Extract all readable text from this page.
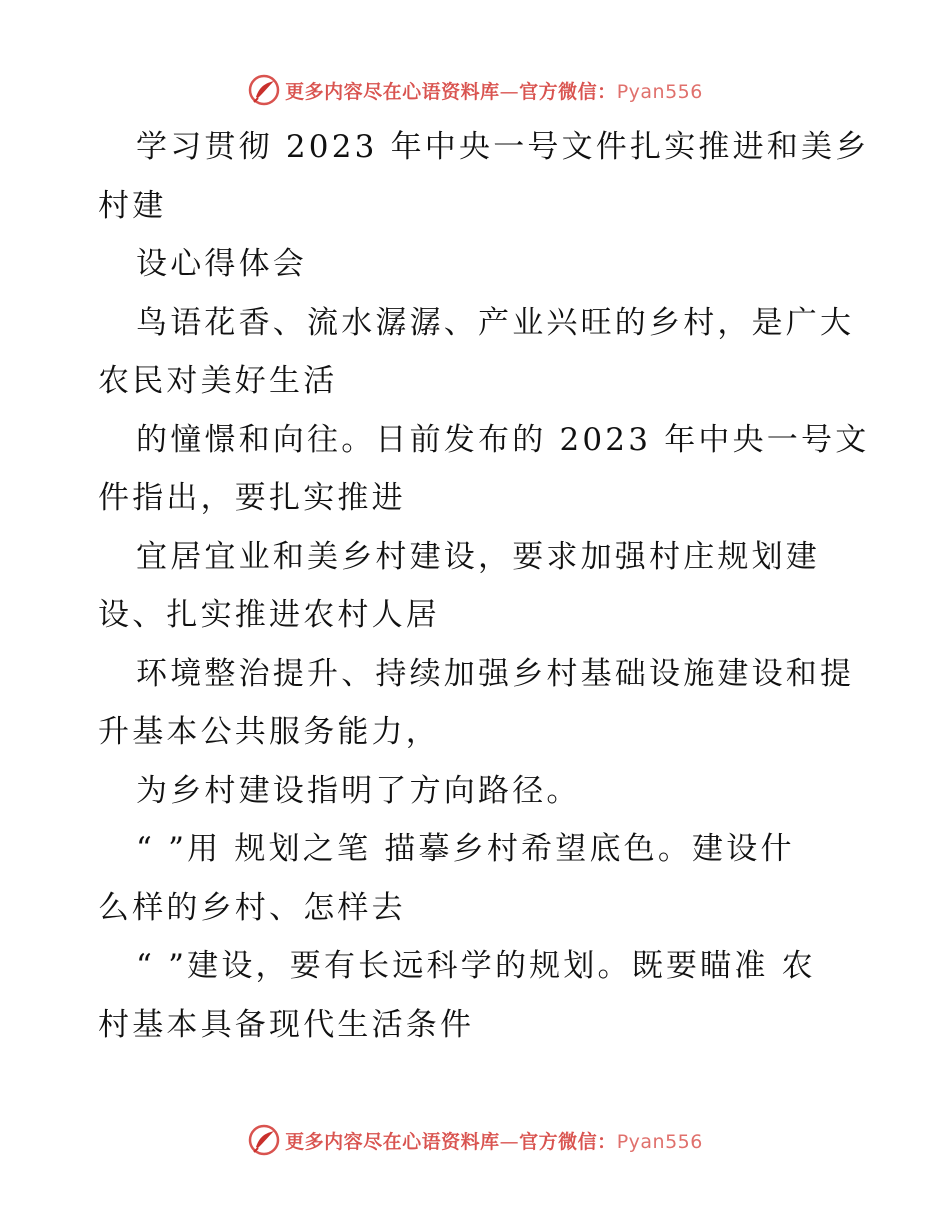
更多内容尽在心语资料库—官方微信：Pyan556
学习贯彻 2023 年中央一号文件扎实推进和美乡
村建
设心得体会
鸟语花香、流水潺潺、产业兴旺的乡村，是广大
农民对美好生活
的憧憬和向往。日前发布的 2023 年中央一号文
件指出，要扎实推进
宜居宜业和美乡村建设，要求加强村庄规划建
设、扎实推进农村人居
环境整治提升、持续加强乡村基础设施建设和提
升基本公共服务能力，
为乡村建设指明了方向路径。
“ ”用 规划之笔 描摹乡村希望底色。建设什
么样的乡村、怎样去
“ ”建设，要有长远科学的规划。既要瞄准 农
村基本具备现代生活条件
更多内容尽在心语资料库—官方微信：Pyan556
